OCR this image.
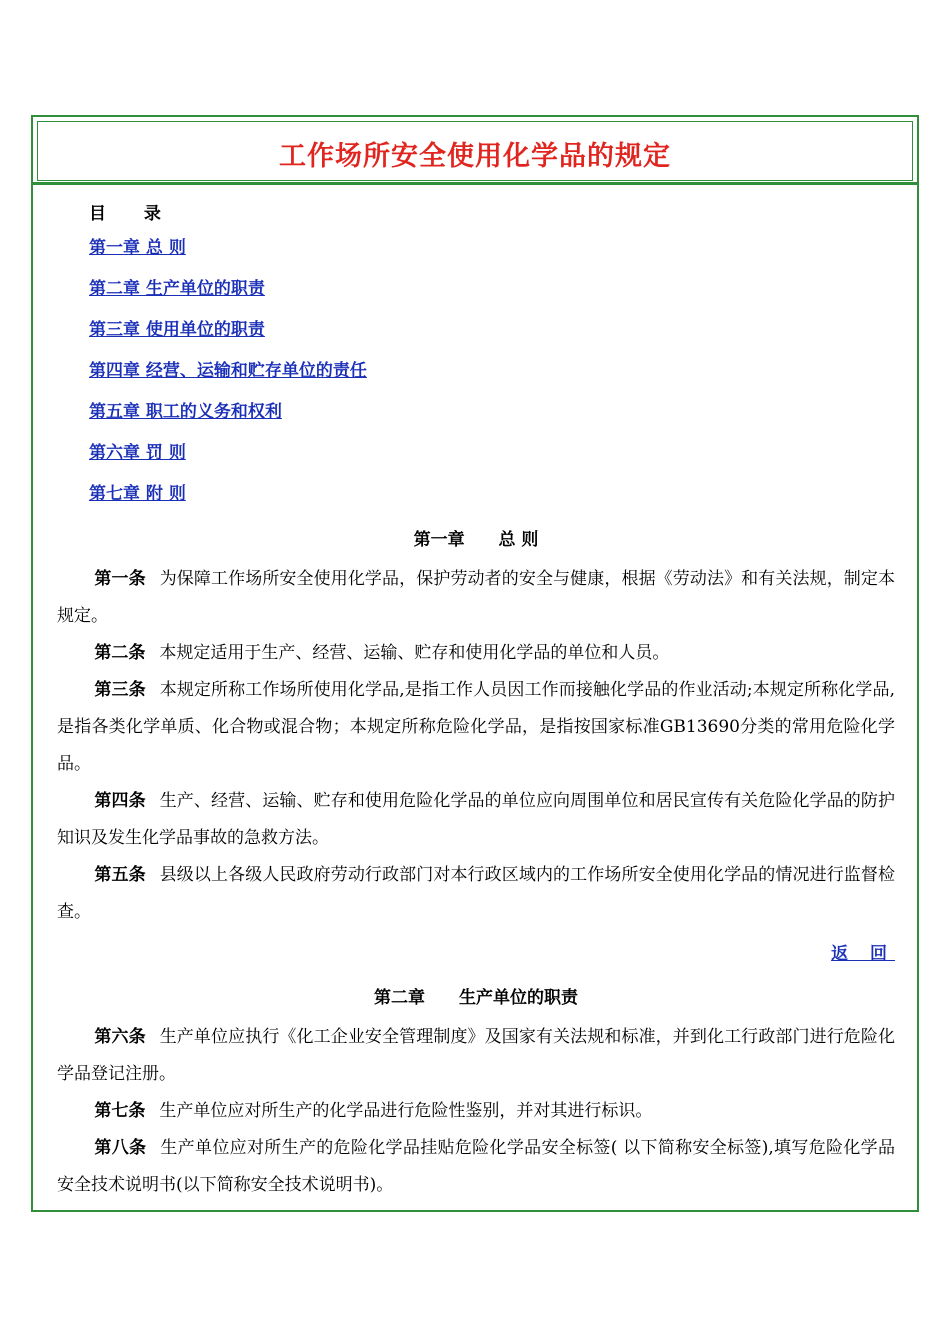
工作场所安全使用化学品的规定
目 录
第一章 总 则
第二章 生产单位的职责
第三章 使用单位的职责
第四章 经营、运输和贮存单位的责任
第五章 职工的义务和权利
第六章 罚 则
第七章 附 则
第一章 总 则

第一条 为保障工作场所安全使用化学品，保护劳动者的安全与健康，根据《劳动法》和有关法规，制定本规定。

第二条 本规定适用于生产、经营、运输、贮存和使用化学品的单位和人员。

第三条 本规定所称工作场所使用化学品,是指工作人员因工作而接触化学品的作业活动;本规定所称化学品,是指各类化学单质、化合物或混合物；本规定所称危险化学品，是指按国家标准GB13690分类的常用危险化学品。

第四条 生产、经营、运输、贮存和使用危险化学品的单位应向周围单位和居民宣传有关危险化学品的防护知识及发生化学品事故的急救方法。

第五条 县级以上各级人民政府劳动行政部门对本行政区域内的工作场所安全使用化学品的情况进行监督检查。

返 回
第二章 生产单位的职责

第六条 生产单位应执行《化工企业安全管理制度》及国家有关法规和标准，并到化工行政部门进行危险化学品登记注册。

第七条 生产单位应对所生产的化学品进行危险性鉴别，并对其进行标识。

第八条 生产单位应对所生产的危险化学品挂贴危险化学品安全标签( 以下简称安全标签),填写危险化学品安全技术说明书(以下简称安全技术说明书)。
